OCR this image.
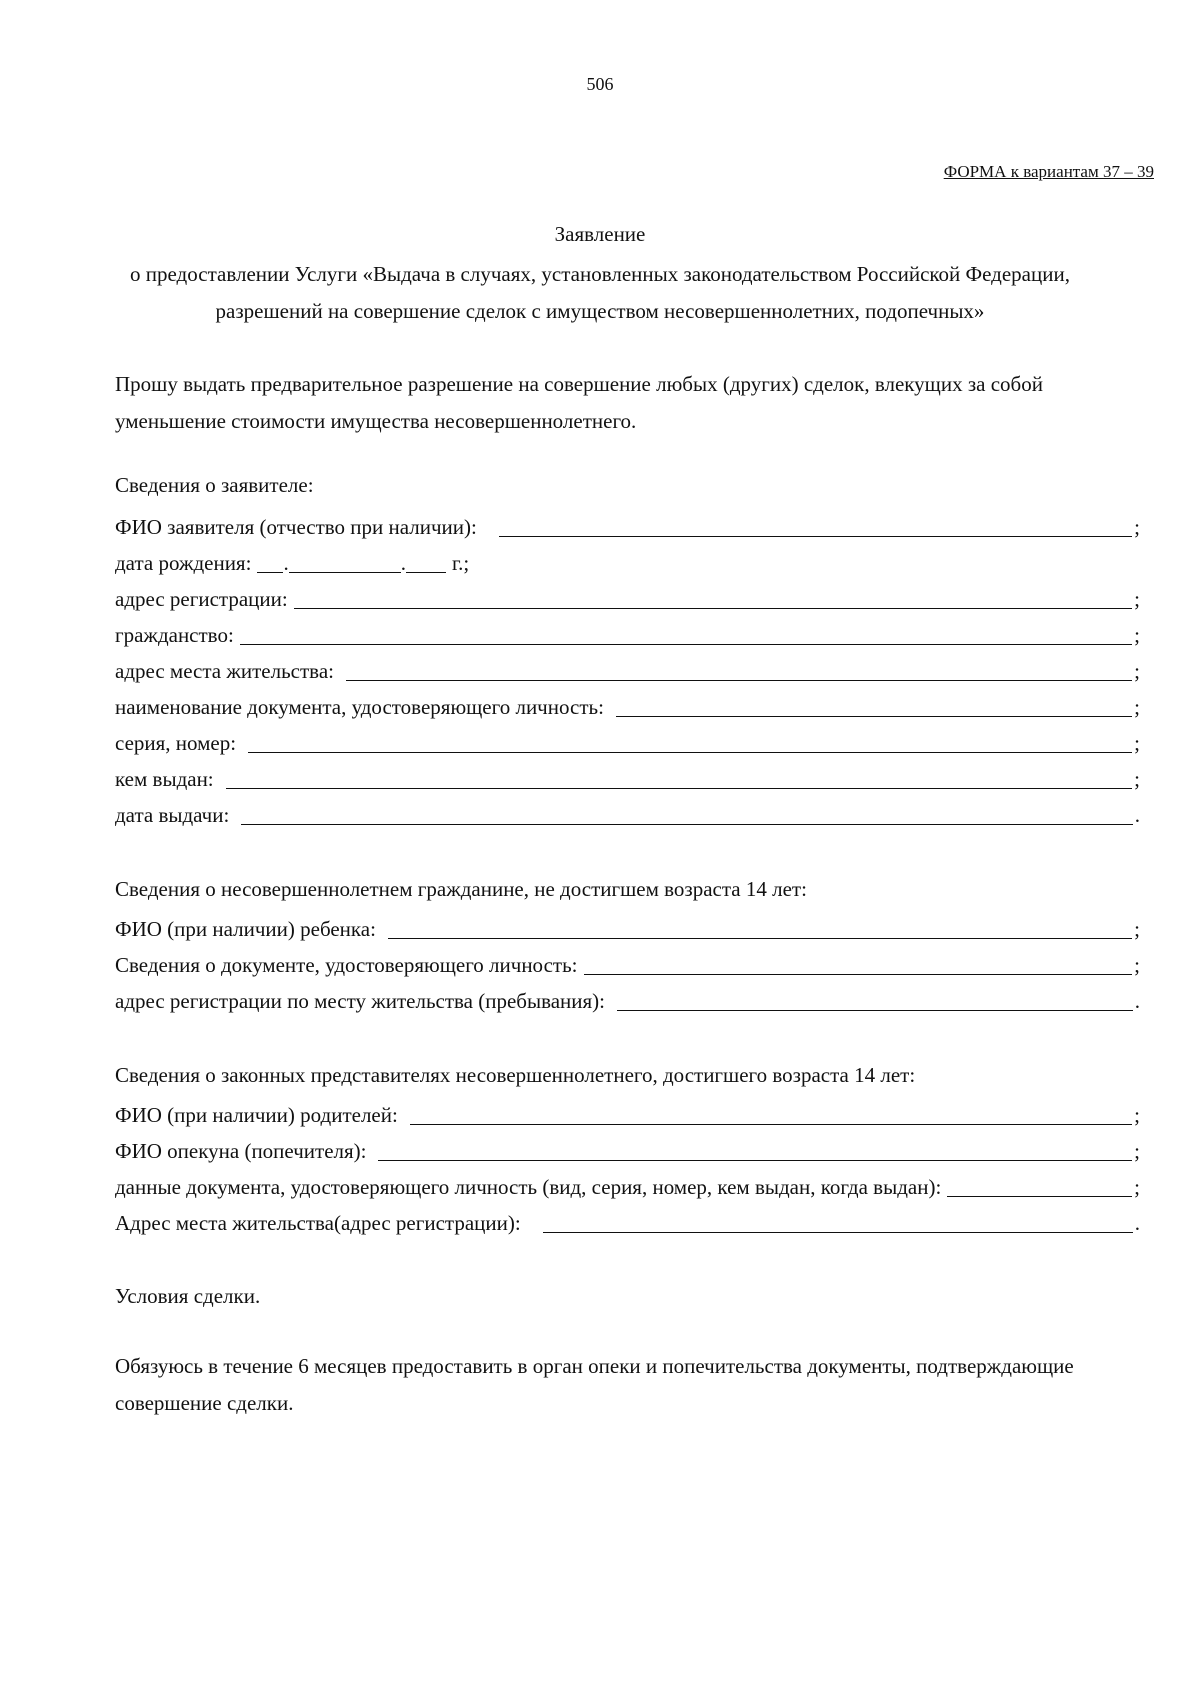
506
ФОРМА к вариантам 37 – 39
Заявление
о предоставлении Услуги «Выдача в случаях, установленных законодательством Российской Федерации, разрешений на совершение сделок с имуществом несовершеннолетних, подопечных»
Прошу выдать предварительное разрешение на совершение любых (других) сделок, влекущих за собой уменьшение стоимости имущества несовершеннолетнего.
Сведения о заявителе:
ФИО заявителя (отчество при наличии):	;
дата рождения: .	. г.;
адрес регистрации:	;
гражданство:	;
адрес места жительства:	;
наименование документа, удостоверяющего личность:	;
серия, номер:	;
кем выдан:	;
дата выдачи:	.
Сведения о несовершеннолетнем гражданине, не достигшем возраста 14 лет:
ФИО (при наличии) ребенка:	;
Сведения о документе, удостоверяющего личность:	;
адрес регистрации по месту жительства (пребывания):	.
Сведения о законных представителях несовершеннолетнего, достигшего возраста 14 лет:
ФИО (при наличии) родителей:	;
ФИО опекуна (попечителя):	;
данные документа, удостоверяющего личность (вид, серия, номер, кем выдан, когда выдан):	;
Адрес места жительства(адрес регистрации):	.
Условия сделки.
Обязуюсь в течение 6 месяцев предоставить в орган опеки и попечительства документы, подтверждающие совершение сделки.
